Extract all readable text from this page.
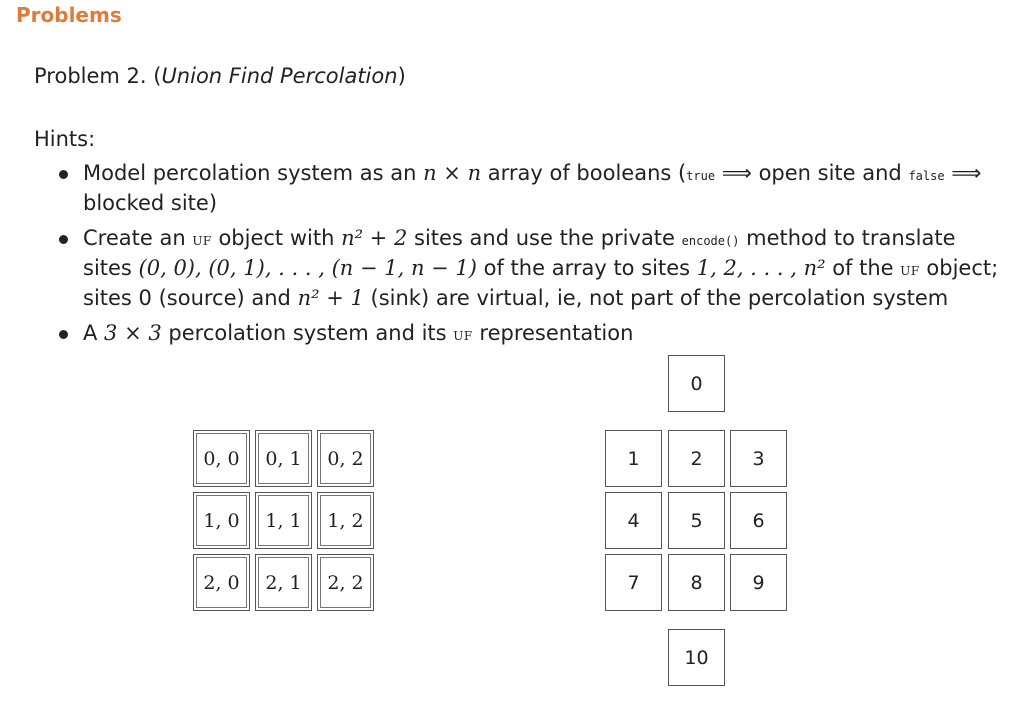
Problems
Problem 2. (Union Find Percolation)
Hints:
Model percolation system as an n × n array of booleans (true ⟹ open site and false ⟹ blocked site)
Create an UF object with n² + 2 sites and use the private encode() method to translate sites (0, 0), (0, 1), . . . , (n − 1, n − 1) of the array to sites 1, 2, . . . , n² of the UF object; sites 0 (source) and n² + 1 (sink) are virtual, ie, not part of the percolation system
A 3 × 3 percolation system and its UF representation
0, 0	0, 1	0, 2
1, 0	1, 1	1, 2
2, 0	2, 1	2, 2
0
1	2	3
4	5	6
7	8	9
10
